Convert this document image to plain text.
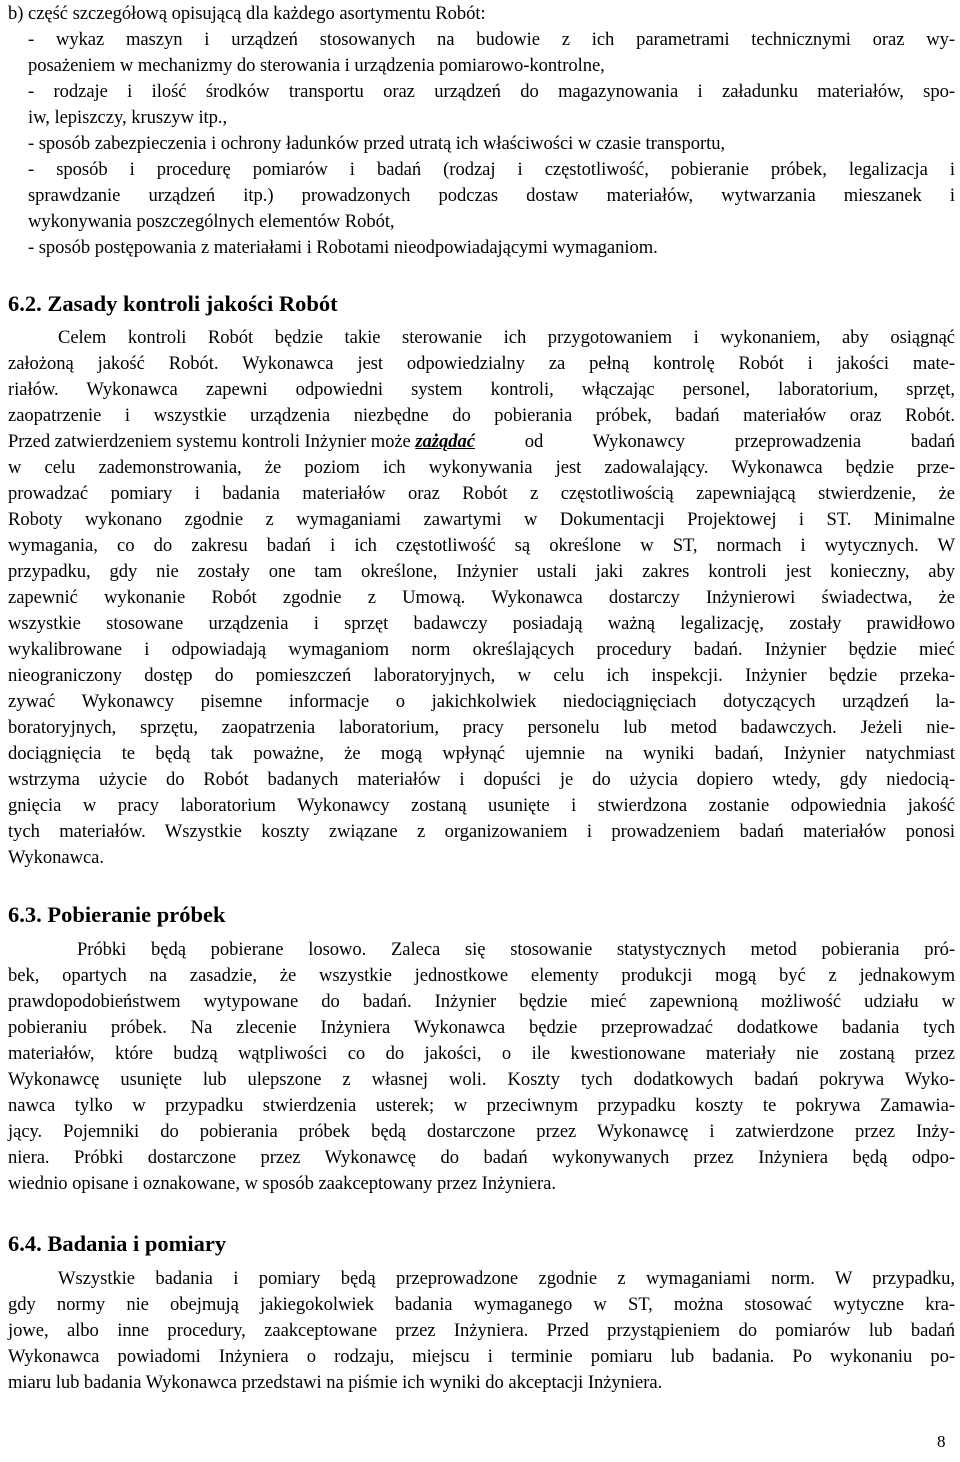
b) część szczegółową opisującą dla każdego asortymentu Robót:

- wykaz maszyn i urządzeń stosowanych na budowie z ich parametrami technicznymi oraz wy-

posażeniem w mechanizmy do sterowania i urządzenia pomiarowo-kontrolne,

- rodzaje i ilość środków transportu oraz urządzeń do magazynowania i załadunku materiałów, spo-

iw, lepiszczy, kruszyw itp.,

- sposób zabezpieczenia i ochrony ładunków przed utratą ich właściwości w czasie transportu,

- sposób i procedurę pomiarów i badań (rodzaj i częstotliwość, pobieranie próbek, legalizacja i

sprawdzanie urządzeń itp.) prowadzonych podczas dostaw materiałów, wytwarzania mieszanek i

wykonywania poszczególnych elementów Robót,

- sposób postępowania z materiałami i Robotami nieodpowiadającymi wymaganiom.

6.2. Zasady kontroli jakości Robót

Celem kontroli Robót będzie takie sterowanie ich przygotowaniem i wykonaniem, aby osiągnąć

założoną jakość Robót. Wykonawca jest odpowiedzialny za pełną kontrolę Robót i jakości mate-

riałów. Wykonawca zapewni odpowiedni system kontroli, włączając personel, laboratorium, sprzęt,

zaopatrzenie i wszystkie urządzenia niezbędne do pobierania próbek, badań materiałów oraz Robót.

Przed zatwierdzeniem systemu kontroli Inżynier może zażądać od Wykonawcy przeprowadzenia badań

w celu zademonstrowania, że poziom ich wykonywania jest zadowalający. Wykonawca będzie prze-

prowadzać pomiary i badania materiałów oraz Robót z częstotliwością zapewniającą stwierdzenie, że

Roboty wykonano zgodnie z wymaganiami zawartymi w Dokumentacji Projektowej i ST. Minimalne

wymagania, co do zakresu badań i ich częstotliwość są określone w ST, normach i wytycznych. W

przypadku, gdy nie zostały one tam określone, Inżynier ustali jaki zakres kontroli jest konieczny, aby

zapewnić wykonanie Robót zgodnie z Umową. Wykonawca dostarczy Inżynierowi świadectwa, że

wszystkie stosowane urządzenia i sprzęt badawczy posiadają ważną legalizację, zostały prawidłowo

wykalibrowane i odpowiadają wymaganiom norm określających procedury badań. Inżynier będzie mieć

nieograniczony dostęp do pomieszczeń laboratoryjnych, w celu ich inspekcji. Inżynier będzie przeka-

zywać Wykonawcy pisemne informacje o jakichkolwiek niedociągnięciach dotyczących urządzeń la-

boratoryjnych, sprzętu, zaopatrzenia laboratorium, pracy personelu lub metod badawczych. Jeżeli nie-

dociągnięcia te będą tak poważne, że mogą wpłynąć ujemnie na wyniki badań, Inżynier natychmiast

wstrzyma użycie do Robót badanych materiałów i dopuści je do użycia dopiero wtedy, gdy niedocią-

gnięcia w pracy laboratorium Wykonawcy zostaną usunięte i stwierdzona zostanie odpowiednia jakość

tych materiałów. Wszystkie koszty związane z organizowaniem i prowadzeniem badań materiałów ponosi

Wykonawca.

6.3. Pobieranie próbek

Próbki będą pobierane losowo. Zaleca się stosowanie statystycznych metod pobierania pró-

bek, opartych na zasadzie, że wszystkie jednostkowe elementy produkcji mogą być z jednakowym

prawdopodobieństwem wytypowane do badań. Inżynier będzie mieć zapewnioną możliwość udziału w

pobieraniu próbek. Na zlecenie Inżyniera Wykonawca będzie przeprowadzać dodatkowe badania tych

materiałów, które budzą wątpliwości co do jakości, o ile kwestionowane materiały nie zostaną przez

Wykonawcę usunięte lub ulepszone z własnej woli. Koszty tych dodatkowych badań pokrywa Wyko-

nawca tylko w przypadku stwierdzenia usterek; w przeciwnym przypadku koszty te pokrywa Zamawia-

jący. Pojemniki do pobierania próbek będą dostarczone przez Wykonawcę i zatwierdzone przez Inży-

niera. Próbki dostarczone przez Wykonawcę do badań wykonywanych przez Inżyniera będą odpo-

wiednio opisane i oznakowane, w sposób zaakceptowany przez Inżyniera.

6.4. Badania i pomiary

Wszystkie badania i pomiary będą przeprowadzone zgodnie z wymaganiami norm. W przypadku,

gdy normy nie obejmują jakiegokolwiek badania wymaganego w ST, można stosować wytyczne kra-

jowe, albo inne procedury, zaakceptowane przez Inżyniera. Przed przystąpieniem do pomiarów lub badań

Wykonawca powiadomi Inżyniera o rodzaju, miejscu i terminie pomiaru lub badania. Po wykonaniu po-

miaru lub badania Wykonawca przedstawi na piśmie ich wyniki do akceptacji Inżyniera.

8
